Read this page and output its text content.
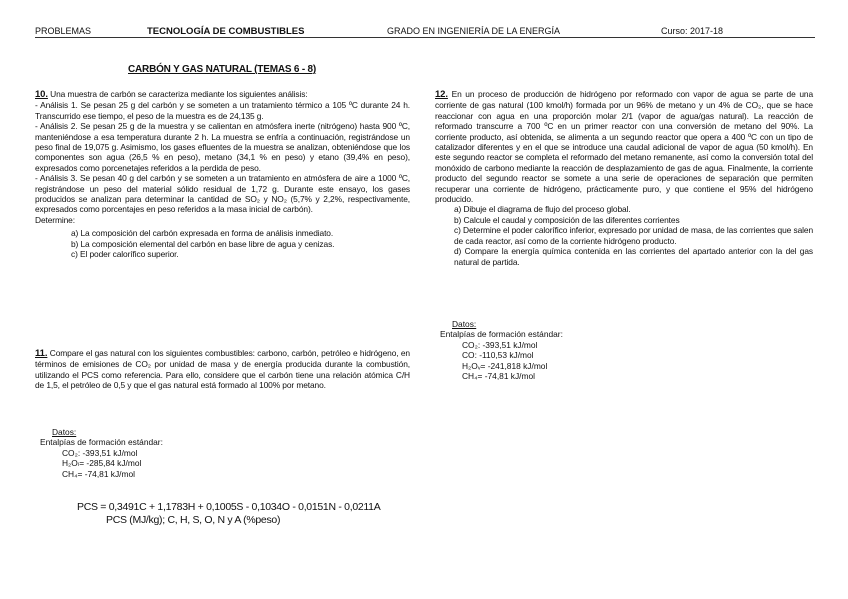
PROBLEMAS	TECNOLOGÍA DE COMBUSTIBLES	GRADO EN INGENIERÍA DE LA ENERGÍA	Curso: 2017-18
CARBÓN Y GAS NATURAL (TEMAS 6 - 8)

10. Una muestra de carbón se caracteriza mediante los siguientes análisis:

- Análisis 1. Se pesan 25 g del carbón y se someten a un tratamiento térmico a 105 ºC durante 24 h. Transcurrido ese tiempo, el peso de la muestra es de 24,135 g.

- Análisis 2. Se pesan 25 g de la muestra y se calientan en atmósfera inerte (nitrógeno) hasta 900 ºC, manteniéndose a esa temperatura durante 2 h. La muestra se enfría a continuación, registrándose un peso final de 19,075 g. Asimismo, los gases efluentes de la muestra se analizan, obteniéndose que los componentes son agua (26,5 % en peso), metano (34,1 % en peso) y etano (39,4% en peso), expresados como porcenetajes referidos a la perdida de peso.

- Análisis 3. Se pesan 40 g del carbón y se someten a un tratamiento en atmósfera de aire a 1000 ºC, registrándose un peso del material sólido residual de 1,72 g. Durante este ensayo, los gases producidos se analizan para determinar la cantidad de SO₂ y NO₂ (5,7% y 2,2%, respectivamente, expresados como porcentajes en peso referidos a la masa inicial de carbón).

Determine:

a) La composición del carbón expresada en forma de análisis inmediato.

b) La composición elemental del carbón en base libre de agua y cenizas.

c) El poder calorífico superior.

11. Compare el gas natural con los siguientes combustibles: carbono, carbón, petróleo e hidrógeno, en términos de emisiones de CO₂ por unidad de masa y de energía producida durante la combustión, utilizando el PCS como referencia. Para ello, considere que el carbón tiene una relación atómica C/H de 1,5, el petróleo de 0,5 y que el gas natural está formado al 100% por metano.

Datos:
Entalpías de formación estándar:
CO₂: -393,51 kJ/mol
H₂Oₗ= -285,84 kJ/mol
CH₄= -74,81 kJ/mol
PCS = 0,3491C + 1,1783H + 0,1005S - 0,1034O - 0,0151N - 0,0211A
PCS (MJ/kg); C, H, S, O, N y A (%peso)

12. En un proceso de producción de hidrógeno por reformado con vapor de agua se parte de una corriente de gas natural (100 kmol/h) formada por un 96% de metano y un 4% de CO₂, que se hace reaccionar con agua en una proporción molar 2/1 (vapor de agua/gas natural). La reacción de reformado transcurre a 700 ºC en un primer reactor con una conversión de metano del 90%. La corriente producto, así obtenida, se alimenta a un segundo reactor que opera a 400 ºC con un tipo de catalizador diferentes y en el que se introduce una caudal adicional de vapor de agua (50 kmol/h). En este segundo reactor se completa el reformado del metano remanente, así como la conversión total del monóxido de carbono mediante la reacción de desplazamiento de gas de agua. Finalmente, la corriente producto del segundo reactor se somete a una serie de operaciones de separación que permiten recuperar una corriente de hidrógeno, prácticamente puro, y que contiene el 95% del hidrógeno producido.

a) Dibuje el diagrama de flujo del proceso global.

b) Calcule el caudal y composición de las diferentes corrientes

c) Determine el poder calorífico inferior, expresado por unidad de masa, de las corrientes que salen de cada reactor, así como de la corriente hidrógeno producto.

d) Compare la energía química contenida en las corrientes del apartado anterior con la del gas natural de partida.

Datos:
Entalpías de formación estándar:
CO₂: -393,51 kJ/mol
CO: -110,53 kJ/mol
H₂Oᵥ= -241,818 kJ/mol
CH₄= -74,81 kJ/mol
